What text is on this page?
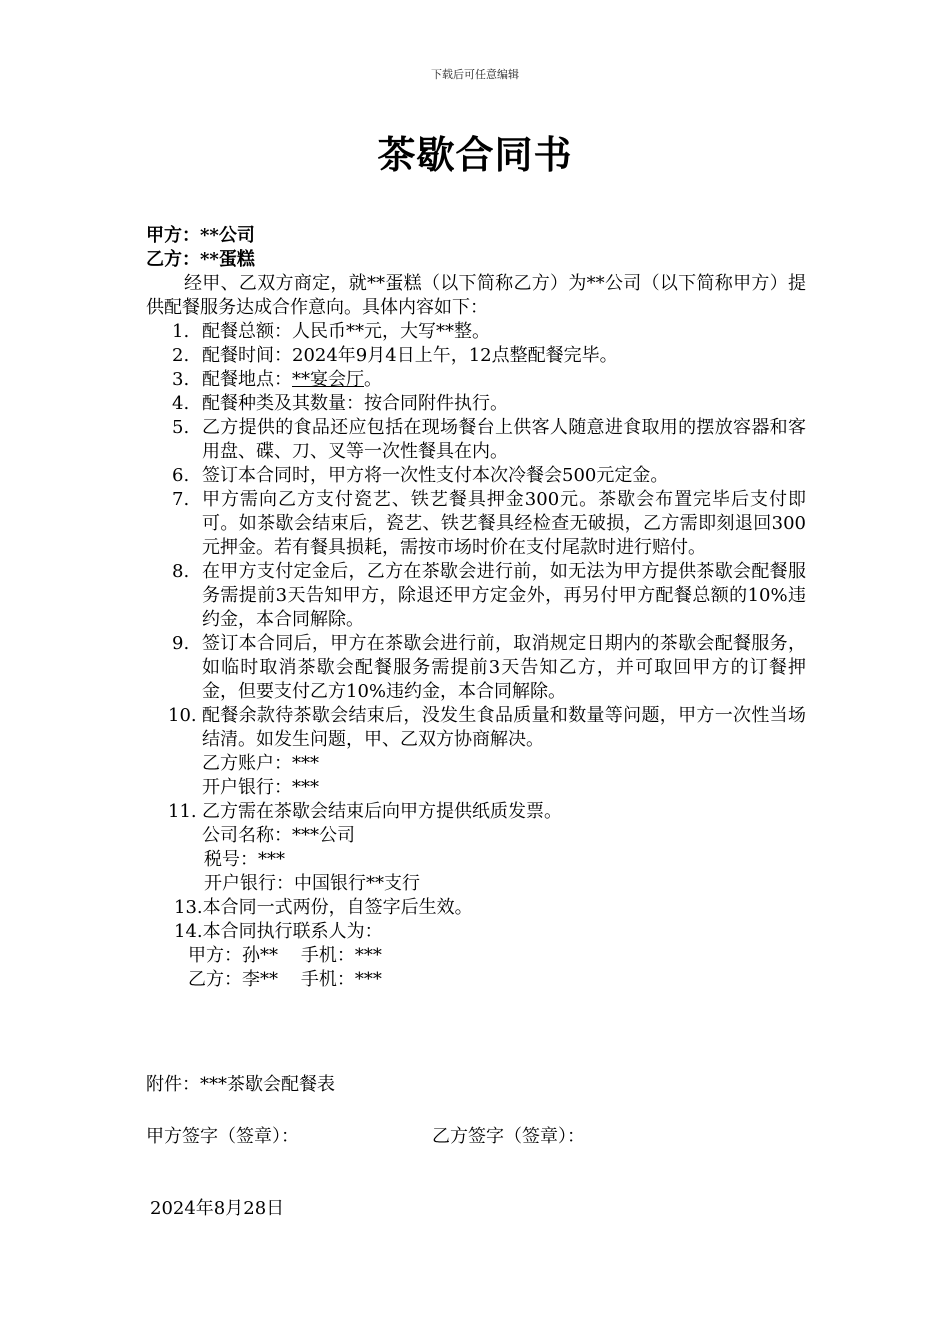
下载后可任意编辑
茶歇合同书
甲方：**公司
乙方：**蛋糕
经甲、乙双方商定，就**蛋糕（以下简称乙方）为**公司（以下简称甲方）提供配餐服务达成合作意向。具体内容如下：
1. 配餐总额：人民币**元，大写**整。
2. 配餐时间：2024年9月4日上午，12点整配餐完毕。
3. 配餐地点：**宴会厅。
4. 配餐种类及其数量：按合同附件执行。
5. 乙方提供的食品还应包括在现场餐台上供客人随意进食取用的摆放容器和客用盘、碟、刀、叉等一次性餐具在内。
6. 签订本合同时，甲方将一次性支付本次冷餐会500元定金。
7. 甲方需向乙方支付瓷艺、铁艺餐具押金300元。茶歇会布置完毕后支付即可。如茶歇会结束后，瓷艺、铁艺餐具经检查无破损，乙方需即刻退回300元押金。若有餐具损耗，需按市场时价在支付尾款时进行赔付。
8. 在甲方支付定金后，乙方在茶歇会进行前，如无法为甲方提供茶歇会配餐服务需提前3天告知甲方，除退还甲方定金外，再另付甲方配餐总额的10%违约金，本合同解除。
9. 签订本合同后，甲方在茶歇会进行前，取消规定日期内的茶歇会配餐服务，如临时取消茶歇会配餐服务需提前3天告知乙方，并可取回甲方的订餐押金，但要支付乙方10%违约金，本合同解除。
10. 配餐余款待茶歇会结束后，没发生食品质量和数量等问题，甲方一次性当场结清。如发生问题，甲、乙双方协商解决。
乙方账户：***
开户银行：***
11. 乙方需在茶歇会结束后向甲方提供纸质发票。
公司名称：***公司
税号：***
开户银行：中国银行**支行
13.本合同一式两份，自签字后生效。
14.本合同执行联系人为：
甲方：孙**    手机：***
乙方：李**    手机：***
附件：***茶歇会配餐表
甲方签字（签章）：	乙方签字（签章）：
2024年8月28日
